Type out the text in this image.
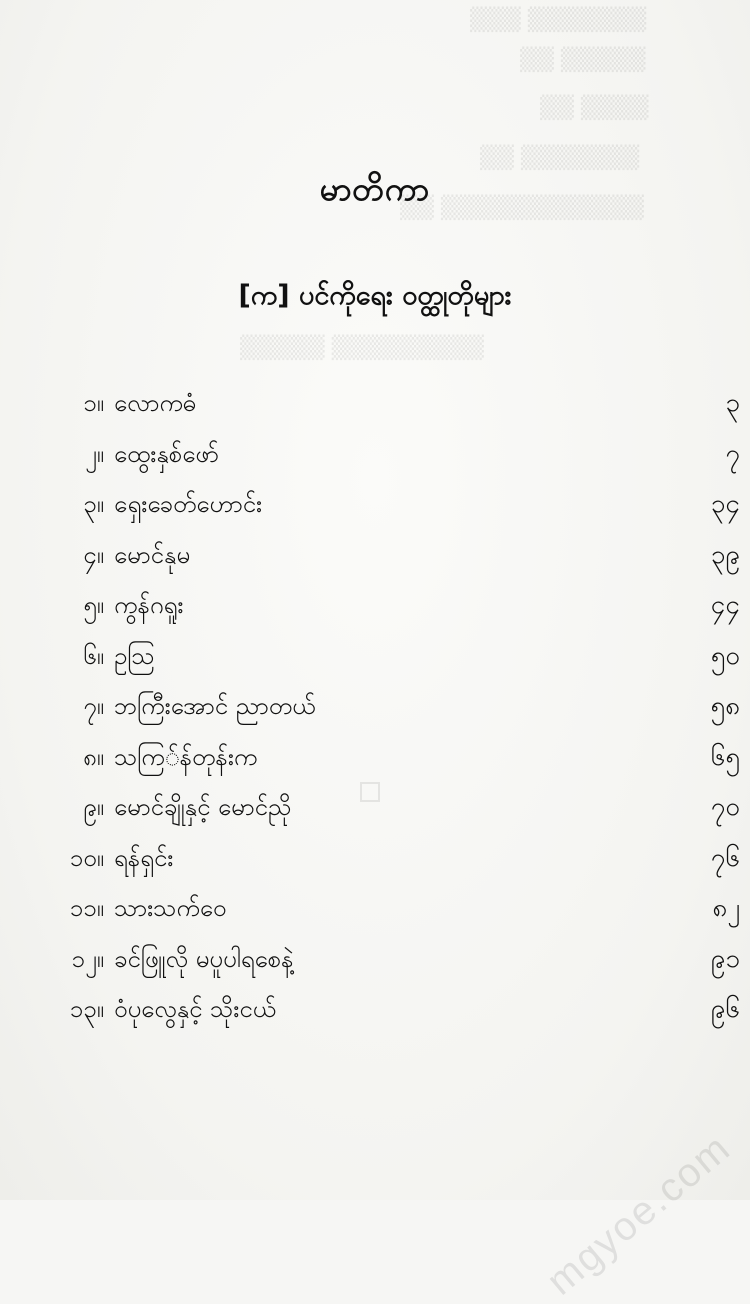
▒▒▒▒▒▒▒ ▒▒▒
▒▒▒▒▒ ▒▒
▒▒▒▒ ▒▒
▒▒▒▒▒▒▒ ▒▒
▒▒▒▒▒▒▒▒▒▒▒▒ ▒▒
▒▒▒▒▒▒▒▒▒ ▒▒▒▒▒
မာတိကာ
[က] ပင်ကိုရေး ဝတ္ထုတိုများ
၁။ လောကဓံ	၃
၂။ ထွေးနှစ်ဖော်	၇
၃။ ရှေးခေတ်ဟောင်း	၃၄
၄။ မောင်နုမ	၃၉
၅။ ကွန်ဂရူး	၄၄
၆။ ဥသြ	၅၀
၇။ ဘကြီးအောင် ညာတယ်	၅၈
၈။ သကြ်န်တုန်းက	၆၅
၉။ မောင်ချိုနှင့် မောင်ညို	၇၀
၁၀။ ရန်ရှင်း	၇၆
၁၁။ သားသက်ဝေ	၈၂
၁၂။ ခင်ဖြူလို မပူပါရစေနဲ့	၉၁
၁၃။ ဝံပုလွေနှင့် သိုးငယ်	၉၆
mgyoe.com
